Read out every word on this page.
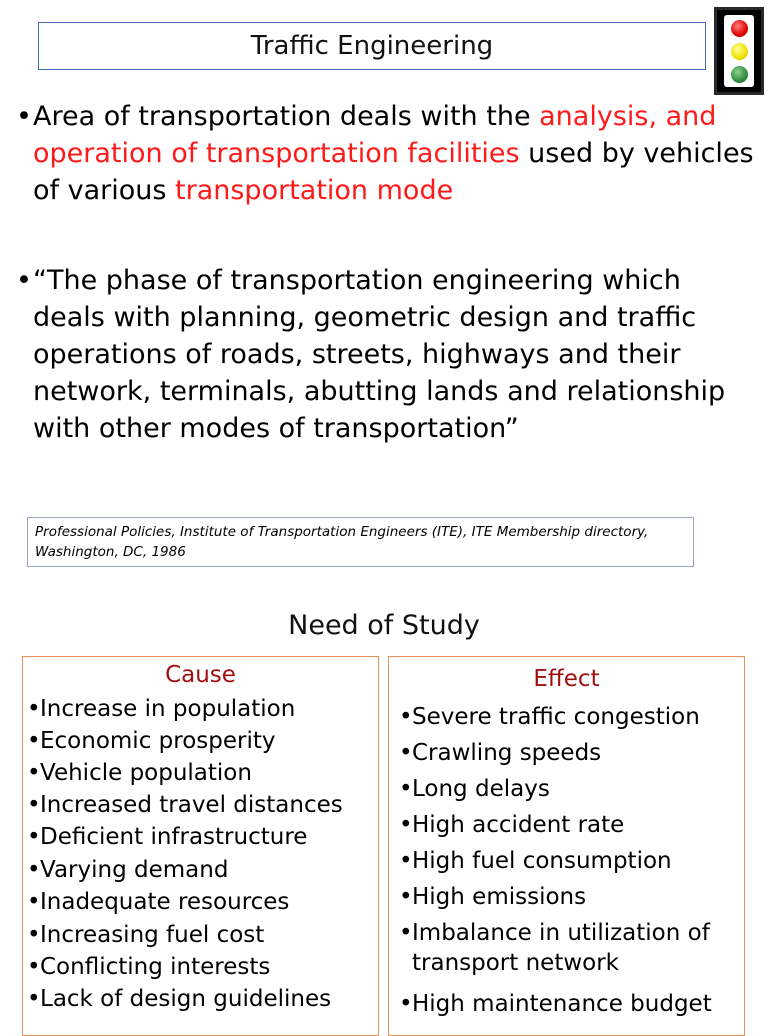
Traffic Engineering
• Area of transportation deals with the analysis, and operation of transportation facilities used by vehicles of various transportation mode
• “The phase of transportation engineering which deals with planning, geometric design and traffic operations of roads, streets, highways and their network, terminals, abutting lands and relationship with other modes of transportation”
Professional Policies, Institute of Transportation Engineers (ITE), ITE Membership directory, Washington, DC, 1986
Need of Study
Cause
•Increase in population
•Economic prosperity
•Vehicle population
•Increased travel distances
•Deficient infrastructure
•Varying demand
•Inadequate resources
•Increasing fuel cost
•Conflicting interests
•Lack of design guidelines
Effect
•Severe traffic congestion
•Crawling speeds
•Long delays
•High accident rate
•High fuel consumption
•High emissions
•Imbalance in utilization of
transport network
•High maintenance budget
